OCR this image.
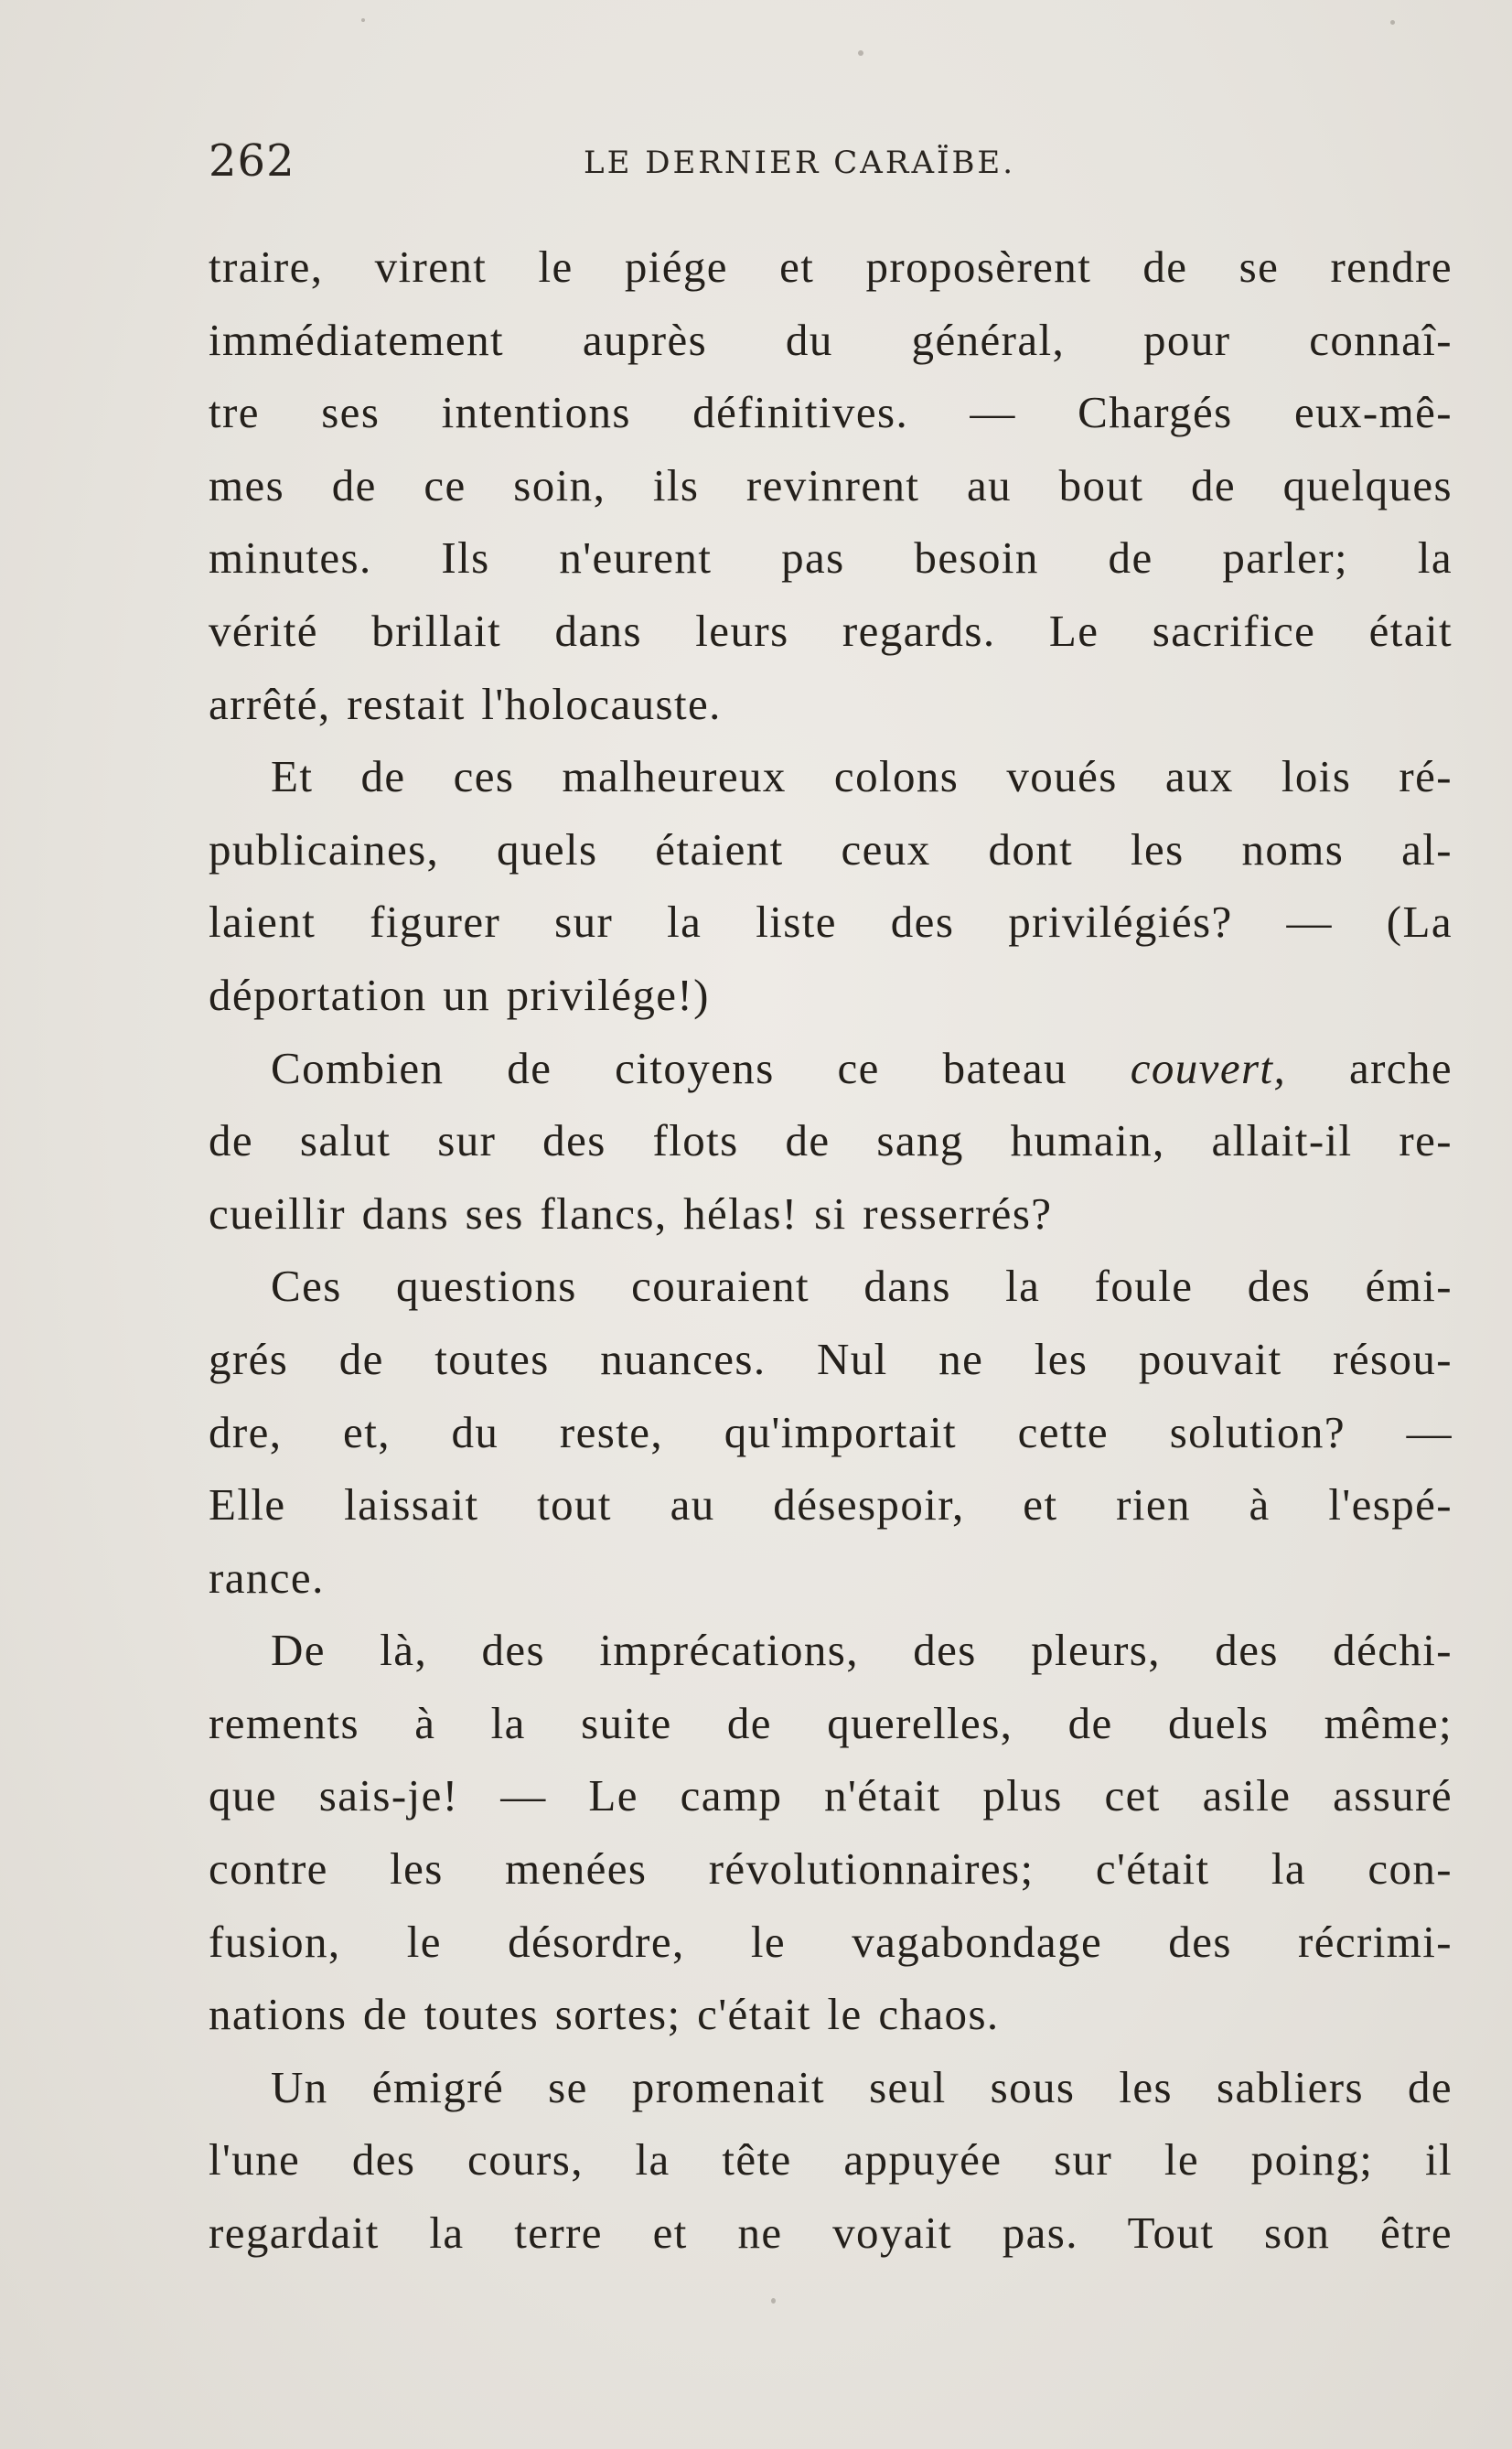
262	LE DERNIER CARAÏBE.
traire, virent le piége et proposèrent de se rendre
immédiatement auprès du général, pour connaî-
tre ses intentions définitives. — Chargés eux-mê-
mes de ce soin, ils revinrent au bout de quelques
minutes. Ils n'eurent pas besoin de parler; la
vérité brillait dans leurs regards. Le sacrifice était
arrêté, restait l'holocauste.
Et de ces malheureux colons voués aux lois ré-
publicaines, quels étaient ceux dont les noms al-
laient figurer sur la liste des privilégiés? — (La
déportation un privilége!)
Combien de citoyens ce bateau couvert, arche
de salut sur des flots de sang humain, allait-il re-
cueillir dans ses flancs, hélas! si resserrés?
Ces questions couraient dans la foule des émi-
grés de toutes nuances. Nul ne les pouvait résou-
dre, et, du reste, qu'importait cette solution? —
Elle laissait tout au désespoir, et rien à l'espé-
rance.
De là, des imprécations, des pleurs, des déchi-
rements à la suite de querelles, de duels même;
que sais-je! — Le camp n'était plus cet asile assuré
contre les menées révolutionnaires; c'était la con-
fusion, le désordre, le vagabondage des récrimi-
nations de toutes sortes; c'était le chaos.
Un émigré se promenait seul sous les sabliers de
l'une des cours, la tête appuyée sur le poing; il
regardait la terre et ne voyait pas. Tout son être
